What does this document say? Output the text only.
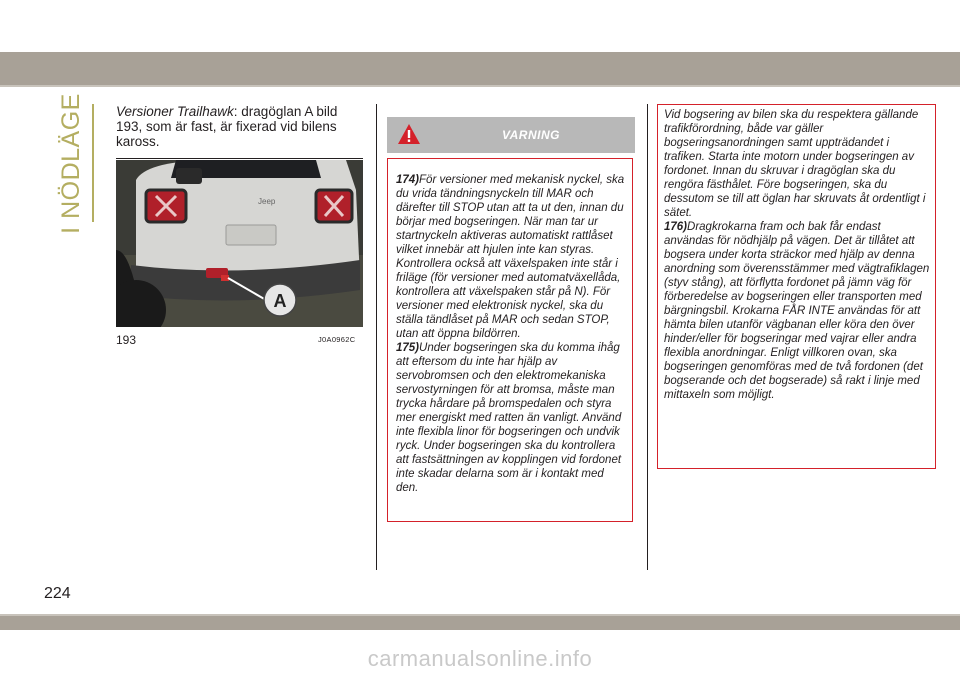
I NÖDLÄGE Versioner Trailhawk: dragöglan A bild 193, som är fast, är fixerad vid bilens kaross.
Jeep
A
193	J0A0962C
VARNING
174)För versioner med mekanisk nyckel, ska du vrida tändningsnyckeln till MAR och därefter till STOP utan att ta ut den, innan du börjar med bogseringen. När man tar ur startnyckeln aktiveras automatiskt rattlåset vilket innebär att hjulen inte kan styras. Kontrollera också att växelspaken inte står i friläge (för versioner med automatväxellåda, kontrollera att växelspaken står på N). För versioner med elektronisk nyckel, ska du ställa tändlåset på MAR och sedan STOP, utan att öppna bildörren.
175)Under bogseringen ska du komma ihåg att eftersom du inte har hjälp av servobromsen och den elektromekaniska servostyrningen för att bromsa, måste man trycka hårdare på bromspedalen och styra mer energiskt med ratten än vanligt. Använd inte flexibla linor för bogseringen och undvik ryck. Under bogseringen ska du kontrollera att fastsättningen av kopplingen vid fordonet inte skadar delarna som är i kontakt med den.
Vid bogsering av bilen ska du respektera gällande trafikförordning, både var gäller bogseringsanordningen samt uppträdandet i trafiken. Starta inte motorn under bogseringen av fordonet. Innan du skruvar i dragöglan ska du rengöra fästhålet. Före bogseringen, ska du dessutom se till att öglan har skruvats åt ordentligt i sätet.
176)Dragkrokarna fram och bak får endast användas för nödhjälp på vägen. Det är tillåtet att bogsera under korta sträckor med hjälp av denna anordning som överensstämmer med vägtrafiklagen (styv stång), att förflytta fordonet på jämn väg för förberedelse av bogseringen eller transporten med bärgningsbil. Krokarna FÅR INTE användas för att hämta bilen utanför vägbanan eller köra den över hinder/eller för bogseringar med vajrar eller andra flexibla anordningar. Enligt villkoren ovan, ska bogseringen genomföras med de två fordonen (det bogserande och det bogserade) så rakt i linje med mittaxeln som möjligt.
224
carmanualsonline.info
